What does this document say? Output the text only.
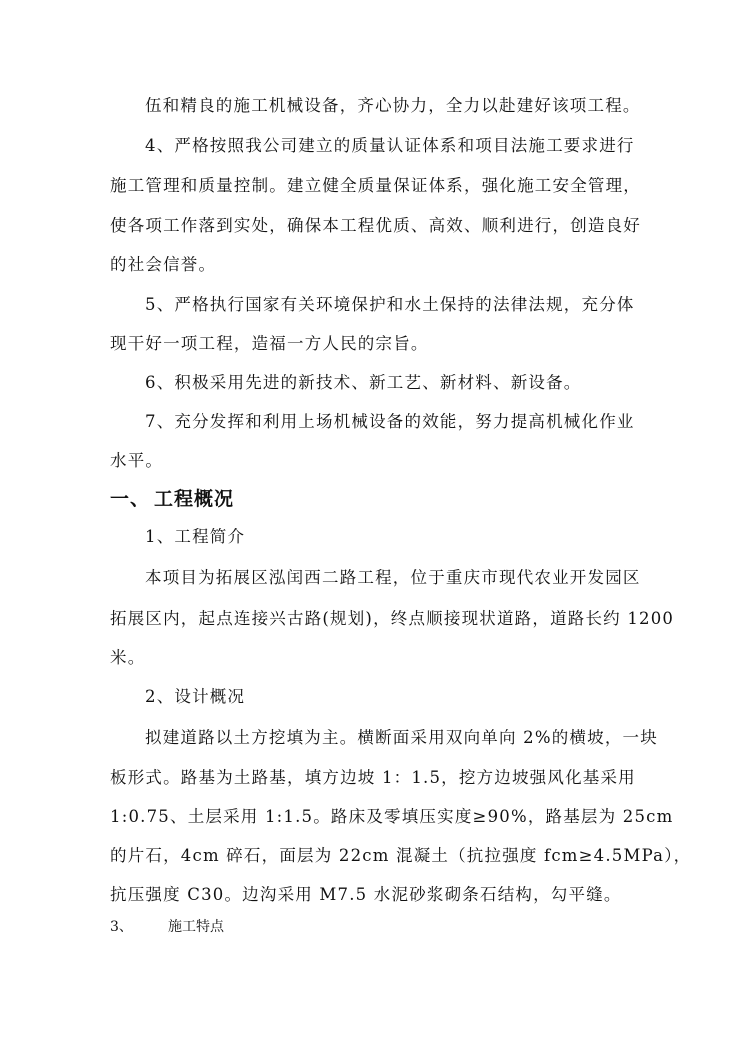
伍和精良的施工机械设备，齐心协力，全力以赴建好该项工程。
4、严格按照我公司建立的质量认证体系和项目法施工要求进行
施工管理和质量控制。建立健全质量保证体系，强化施工安全管理，
使各项工作落到实处，确保本工程优质、高效、顺利进行，创造良好
的社会信誉。
5、严格执行国家有关环境保护和水土保持的法律法规，充分体
现干好一项工程，造福一方人民的宗旨。
6、积极采用先进的新技术、新工艺、新材料、新设备。
7、充分发挥和利用上场机械设备的效能，努力提高机械化作业
水平。
一、 工程概况
1、工程简介
本项目为拓展区泓闰西二路工程，位于重庆市现代农业开发园区
拓展区内，起点连接兴古路(规划)，终点顺接现状道路，道路长约 1200
米。
2、设计概况
拟建道路以土方挖填为主。横断面采用双向单向 2%的横坡，一块
板形式。路基为土路基，填方边坡 1：1.5，挖方边坡强风化基采用
1:0.75、土层采用 1:1.5。路床及零填压实度≥90%，路基层为 25cm
的片石，4cm 碎石，面层为 22cm 混凝土（抗拉强度 fcm≥4.5MPa），
抗压强度 C30。边沟采用 M7.5 水泥砂浆砌条石结构，勾平缝。
3、	施工特点
